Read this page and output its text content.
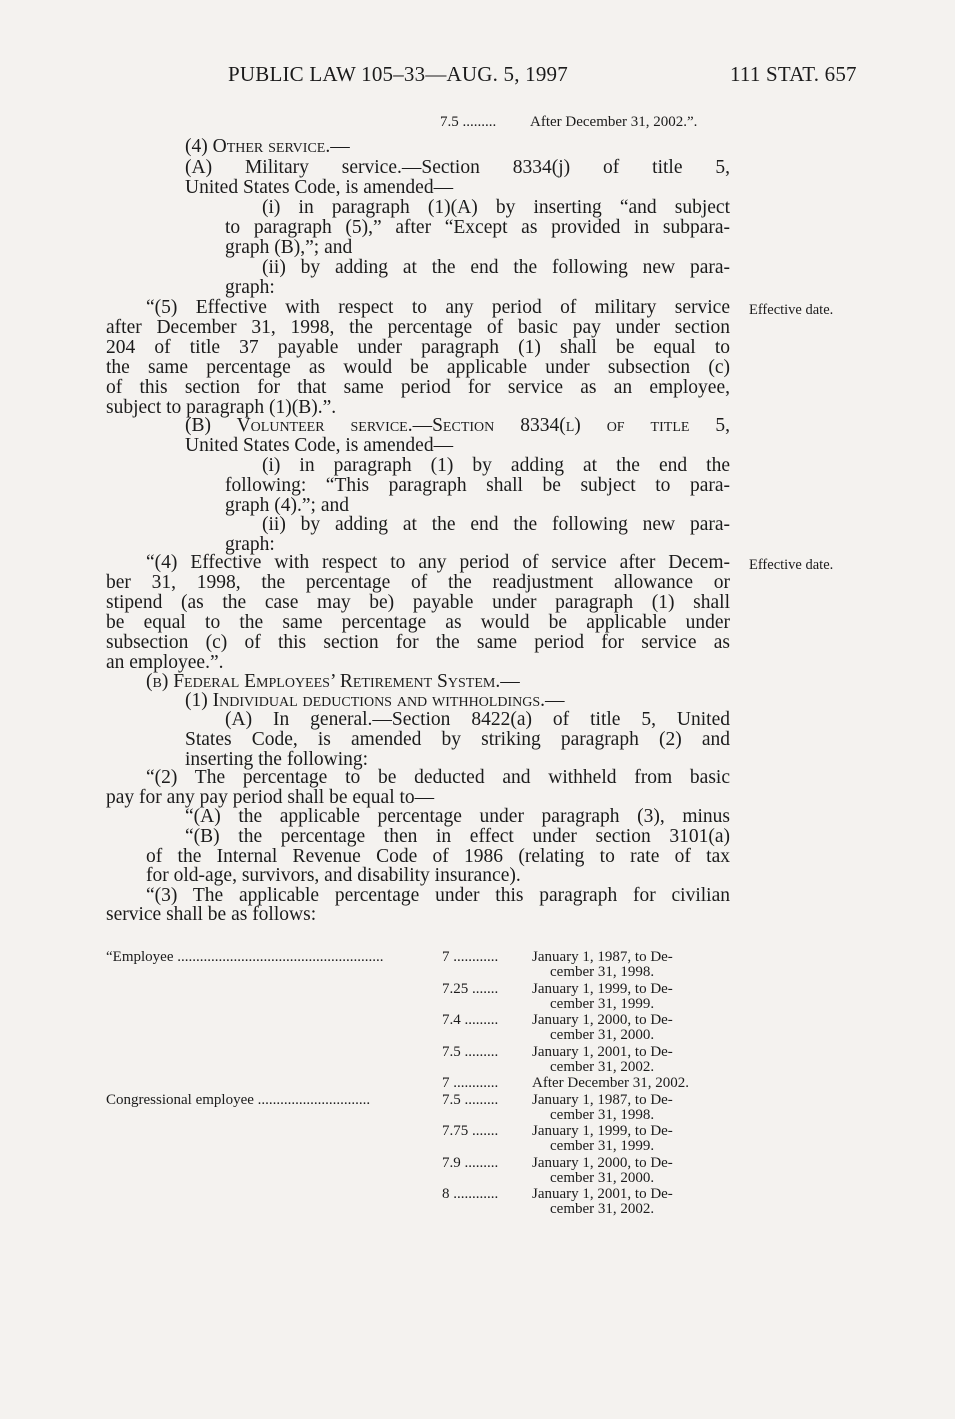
PUBLIC LAW 105–33—AUG. 5, 1997	111 STAT. 657
7.5 ......... After December 31, 2002.”.
(4) Other service.—
(A) Military service.—Section 8334(j) of title 5,
United States Code, is amended—
(i) in paragraph (1)(A) by inserting “and subject
to paragraph (5),” after “Except as provided in subpara-
graph (B),”; and
(ii) by adding at the end the following new para-
graph:
“(5) Effective with respect to any period of military service
after December 31, 1998, the percentage of basic pay under section
204 of title 37 payable under paragraph (1) shall be equal to
the same percentage as would be applicable under subsection (c)
of this section for that same period for service as an employee,
subject to paragraph (1)(B).”.
(B) Volunteer service.—Section 8334(l) of title 5,
United States Code, is amended—
(i) in paragraph (1) by adding at the end the
following: “This paragraph shall be subject to para-
graph (4).”; and
(ii) by adding at the end the following new para-
graph:
“(4) Effective with respect to any period of service after Decem-
ber 31, 1998, the percentage of the readjustment allowance or
stipend (as the case may be) payable under paragraph (1) shall
be equal to the same percentage as would be applicable under
subsection (c) of this section for the same period for service as
an employee.”.
(b) Federal Employees’ Retirement System.—
(1) Individual deductions and withholdings.—
(A) In general.—Section 8422(a) of title 5, United
States Code, is amended by striking paragraph (2) and
inserting the following:
“(2) The percentage to be deducted and withheld from basic
pay for any pay period shall be equal to—
“(A) the applicable percentage under paragraph (3), minus
“(B) the percentage then in effect under section 3101(a)
of the Internal Revenue Code of 1986 (relating to rate of tax
for old-age, survivors, and disability insurance).
“(3) The applicable percentage under this paragraph for civilian
service shall be as follows:
Effective date.
Effective date.
“Employee .......................................................
Congressional employee ..............................
7 ............ January 1, 1987, to De-
cember 31, 1998.
7.25 ....... January 1, 1999, to De-
cember 31, 1999.
7.4 ......... January 1, 2000, to De-
cember 31, 2000.
7.5 ......... January 1, 2001, to De-
cember 31, 2002.
7 ............ After December 31, 2002.
7.5 ......... January 1, 1987, to De-
cember 31, 1998.
7.75 ....... January 1, 1999, to De-
cember 31, 1999.
7.9 ......... January 1, 2000, to De-
cember 31, 2000.
8 ............ January 1, 2001, to De-
cember 31, 2002.
